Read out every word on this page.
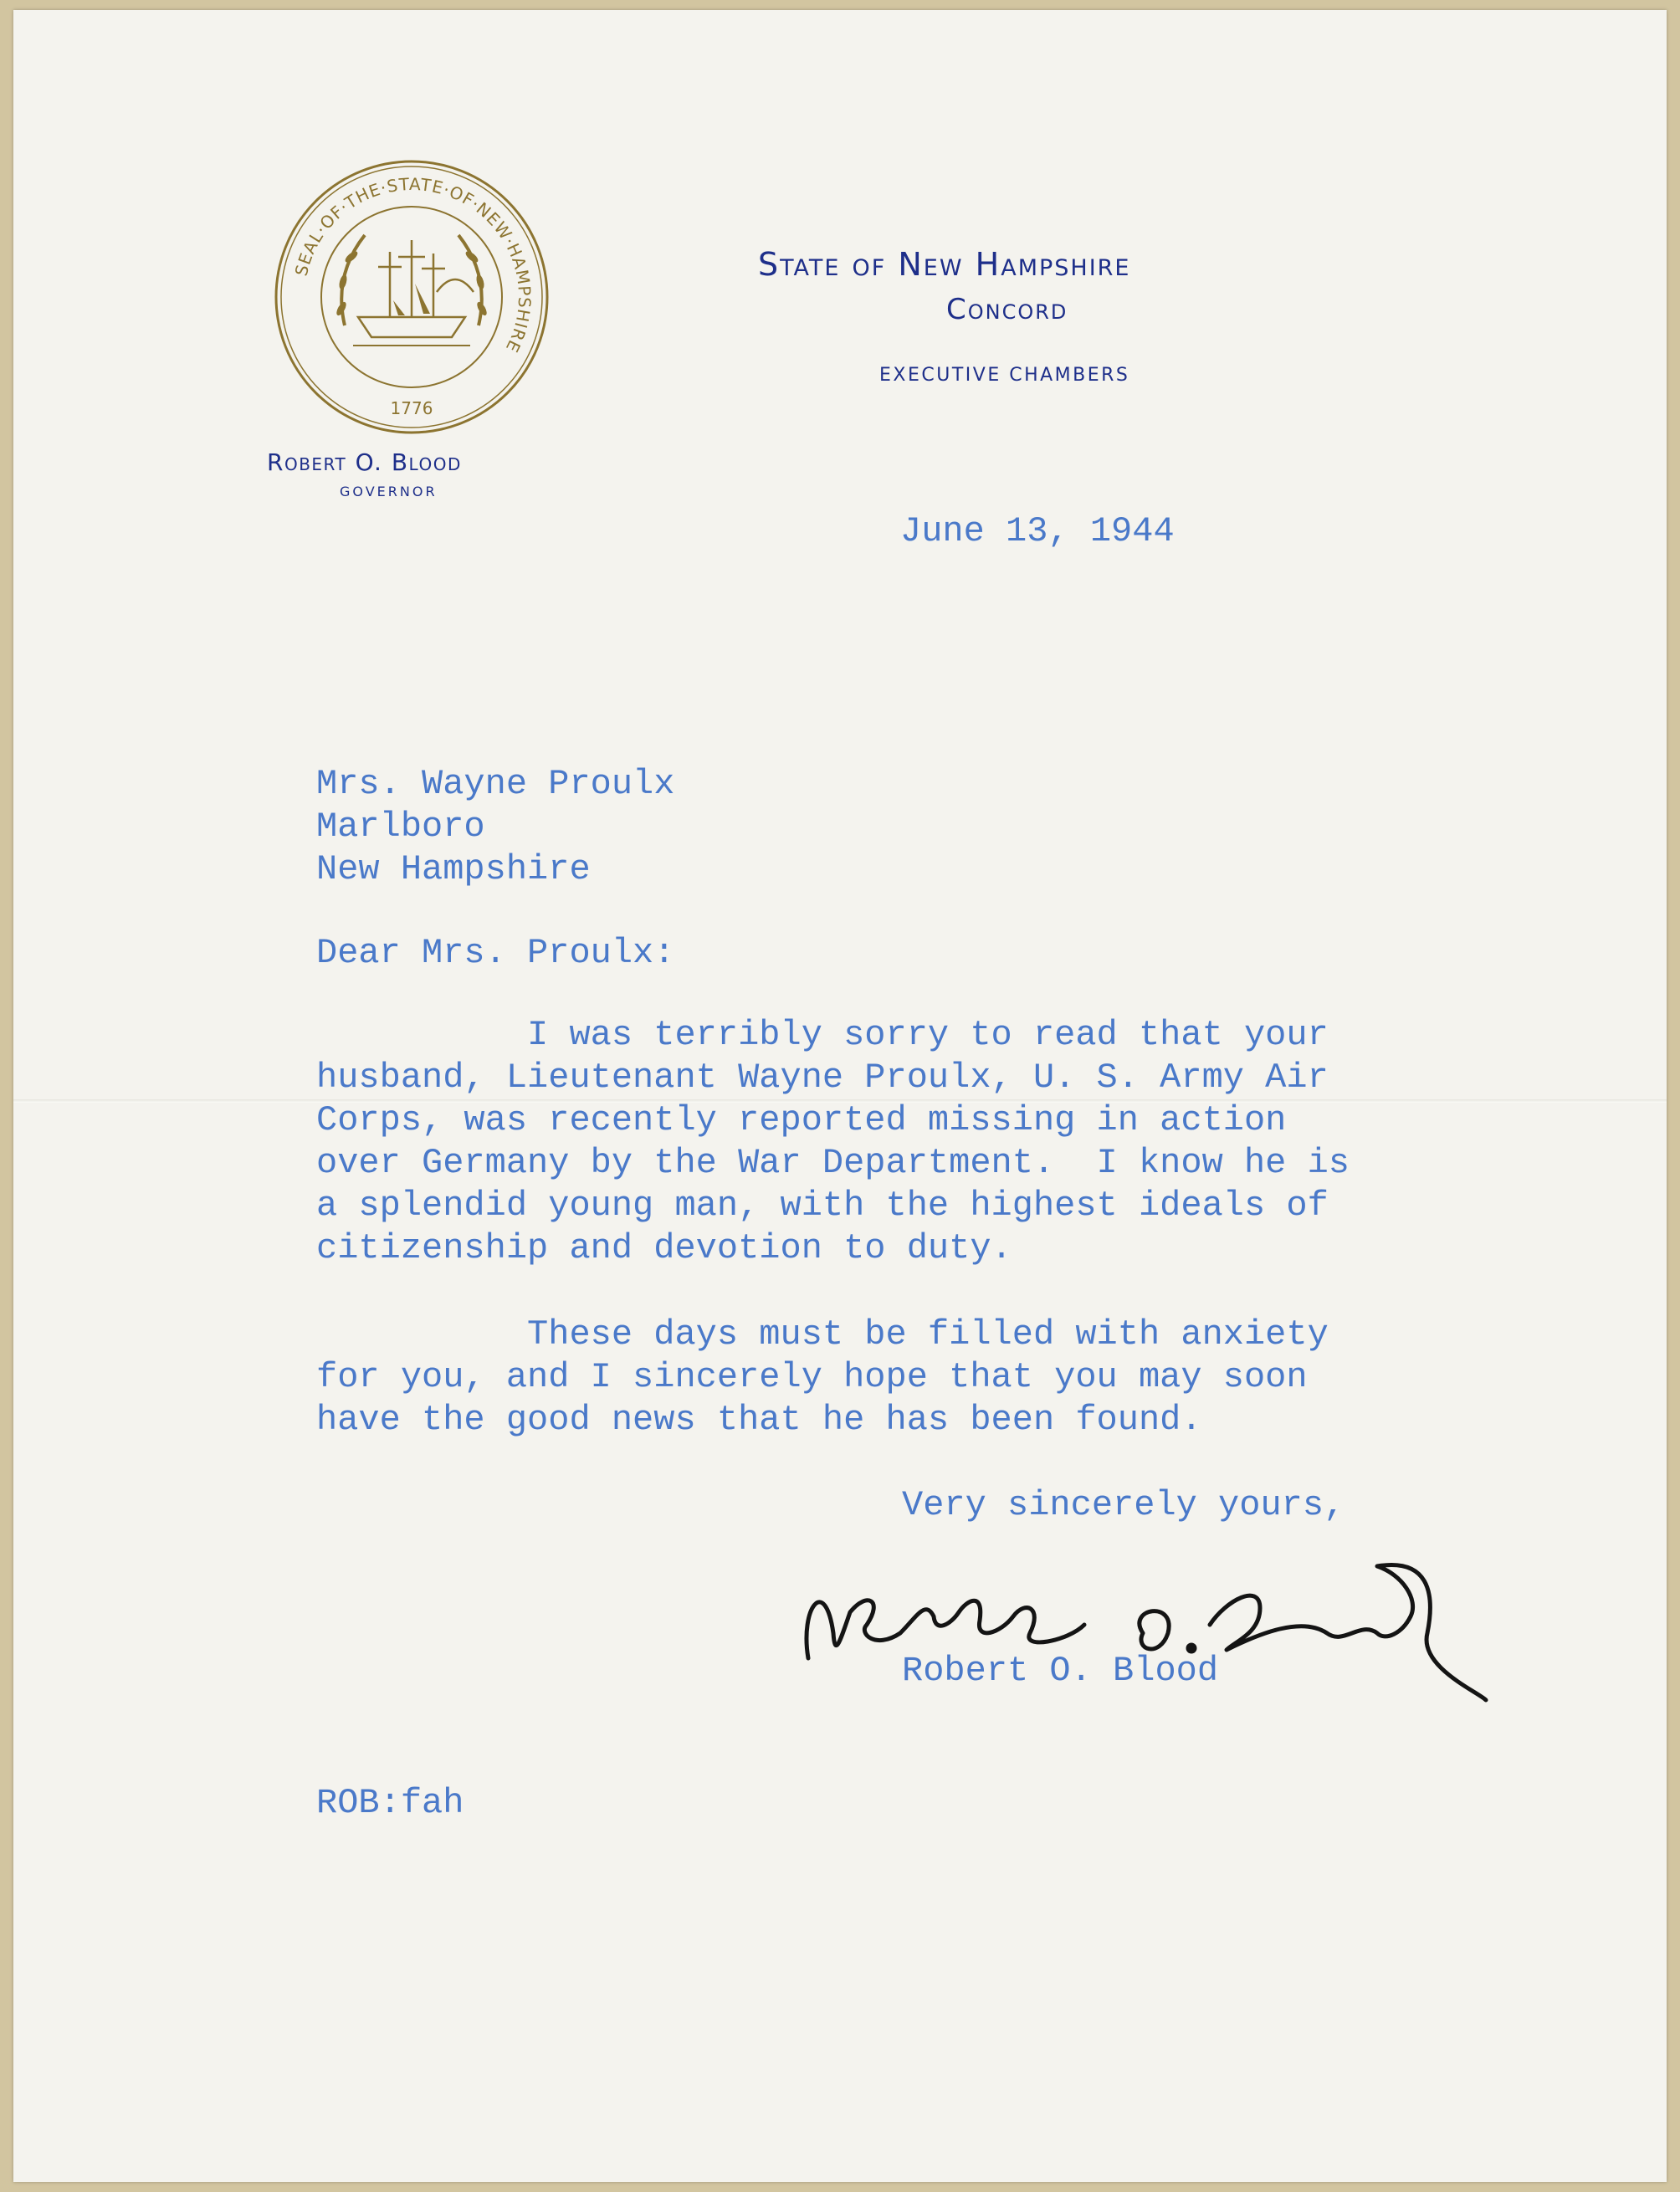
SEAL·OF·THE·STATE·OF·NEW·HAMPSHIRE
1776
State of New Hampshire
Concord
EXECUTIVE CHAMBERS
Robert O. Blood
GOVERNOR
June 13, 1944
Mrs. Wayne Proulx
Marlboro
New Hampshire
Dear Mrs. Proulx:
I was terribly sorry to read that your
husband, Lieutenant Wayne Proulx, U. S. Army Air
Corps, was recently reported missing in action
over Germany by the War Department.  I know he is
a splendid young man, with the highest ideals of
citizenship and devotion to duty.
These days must be filled with anxiety
for you, and I sincerely hope that you may soon
have the good news that he has been found.
Very sincerely yours,
Robert O. Blood
ROB:fah
